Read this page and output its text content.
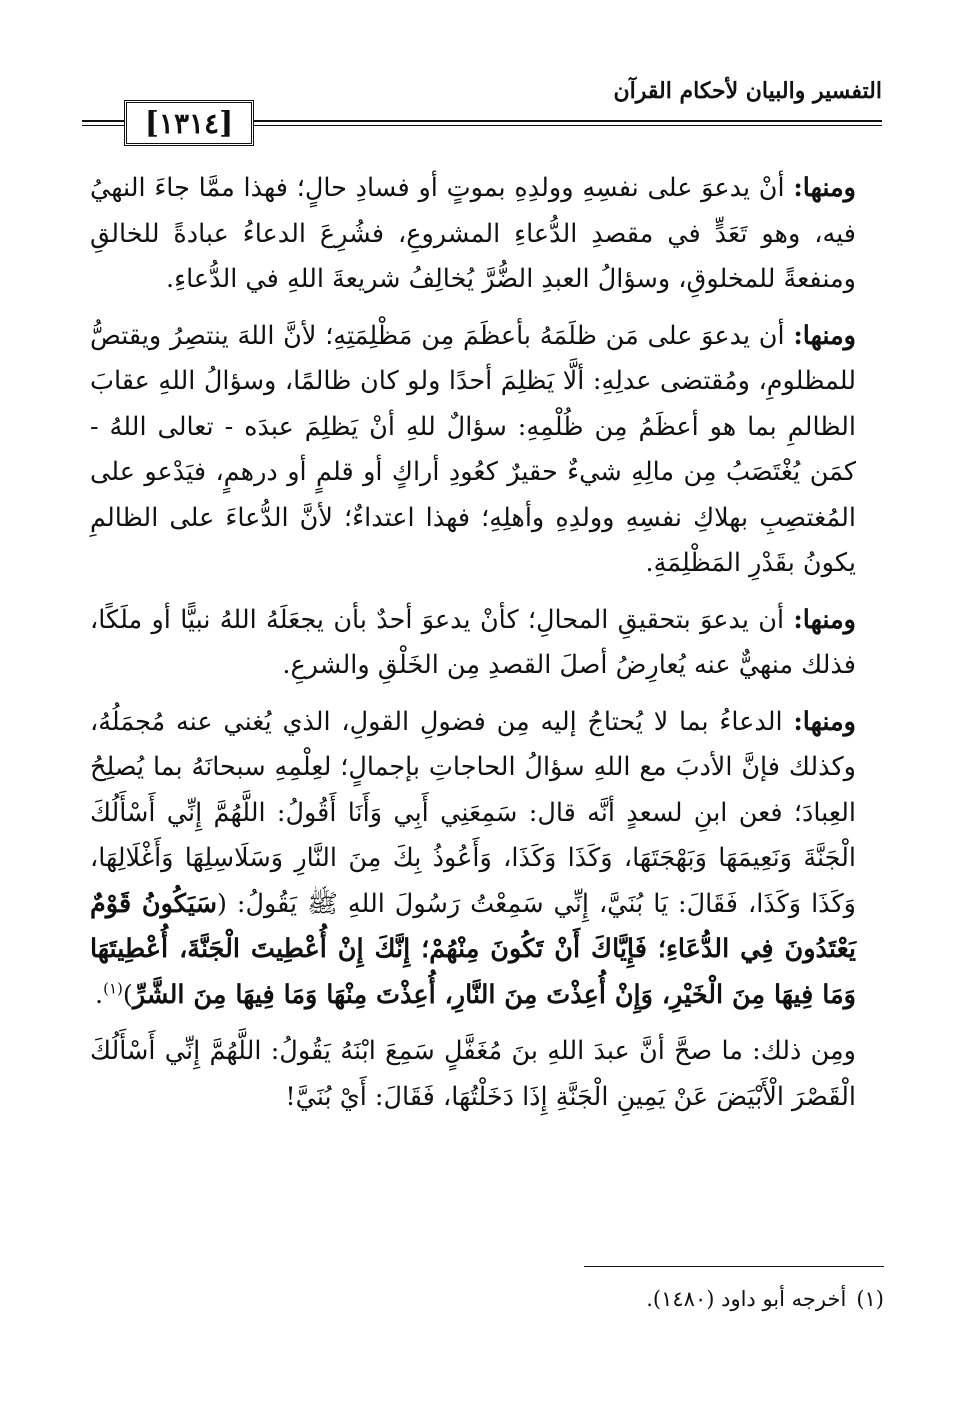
التفسير والبيان لأحكام القرآن
[
١٣١٤
]

ومنها: أنْ يدعوَ على نفسِهِ وولدِهِ بموتٍ أو فسادِ حالٍ؛ فهذا ممَّا جاءَ النهيُ فيه، وهو تَعَدٍّ في مقصدِ الدُّعاءِ المشروعِ، فشُرِعَ الدعاءُ عبادةً للخالقِ ومنفعةً للمخلوقِ، وسؤالُ العبدِ الضُّرَّ يُخالِفُ شريعةَ اللهِ في الدُّعاءِ.

ومنها: أن يدعوَ على مَن ظلَمَهُ بأعظَمَ مِن مَظْلِمَتِهِ؛ لأنَّ اللهَ ينتصِرُ ويقتصُّ للمظلومِ، ومُقتضى عدلِهِ: ألَّا يَظلِمَ أحدًا ولو كان ظالمًا، وسؤالُ اللهِ عقابَ الظالمِ بما هو أعظَمُ مِن ظُلْمِهِ: سؤالٌ للهِ أنْ يَظلِمَ عبدَه - تعالى اللهُ - كمَن يُغْتَصَبُ مِن مالِهِ شيءٌ حقيرٌ كعُودِ أراكٍ أو قلمٍ أو درهمٍ، فيَدْعو على المُغتصِبِ بهلاكِ نفسِهِ وولدِهِ وأهلِهِ؛ فهذا اعتداءٌ؛ لأنَّ الدُّعاءَ على الظالمِ يكونُ بقَدْرِ المَظْلِمَةِ.

ومنها: أن يدعوَ بتحقيقِ المحالِ؛ كأنْ يدعوَ أحدٌ بأن يجعَلَهُ اللهُ نبيًّا أو ملَكًا، فذلك منهيٌّ عنه يُعارِضُ أصلَ القصدِ مِن الخَلْقِ والشرعِ.

ومنها: الدعاءُ بما لا يُحتاجُ إليه مِن فضولِ القولِ، الذي يُغني عنه مُجمَلُهُ، وكذلك فإنَّ الأدبَ مع اللهِ سؤالُ الحاجاتِ بإجمالٍ؛ لعِلْمِهِ سبحانَهُ بما يُصلِحُ العِبادَ؛ فعن ابنِ لسعدٍ أنَّه قال: سَمِعَنِي أَبِي وَأَنَا أَقُولُ: اللَّهُمَّ إِنِّي أَسْأَلُكَ الْجَنَّةَ وَنَعِيمَهَا وَبَهْجَتَهَا، وَكَذَا وَكَذَا، وَأَعُوذُ بِكَ مِنَ النَّارِ وَسَلَاسِلِهَا وَأَغْلَالِهَا، وَكَذَا وَكَذَا، فَقَالَ: يَا بُنَيَّ، إِنِّي سَمِعْتُ رَسُولَ اللهِ ﷺ يَقُولُ: (سَيَكُونُ قَوْمٌ يَعْتَدُونَ فِي الدُّعَاءِ؛ فَإِيَّاكَ أَنْ تَكُونَ مِنْهُمْ؛ إِنَّكَ إِنْ أُعْطِيتَ الْجَنَّةَ، أُعْطِيتَهَا وَمَا فِيهَا مِنَ الْخَيْرِ، وَإِنْ أُعِذْتَ مِنَ النَّارِ، أُعِذْتَ مِنْهَا وَمَا فِيهَا مِنَ الشَّرِّ)$^{(١)}$.

ومِن ذلك: ما صحَّ أنَّ عبدَ اللهِ بنَ مُغَفَّلٍ سَمِعَ ابْنَهُ يَقُولُ: اللَّهُمَّ إِنِّي أَسْأَلُكَ الْقَصْرَ الْأَبْيَضَ عَنْ يَمِينِ الْجَنَّةِ إِذَا دَخَلْتُهَا، فَقَالَ: أَيْ بُنَيَّ!

(١)أخرجه أبو داود (١٤٨٠).
